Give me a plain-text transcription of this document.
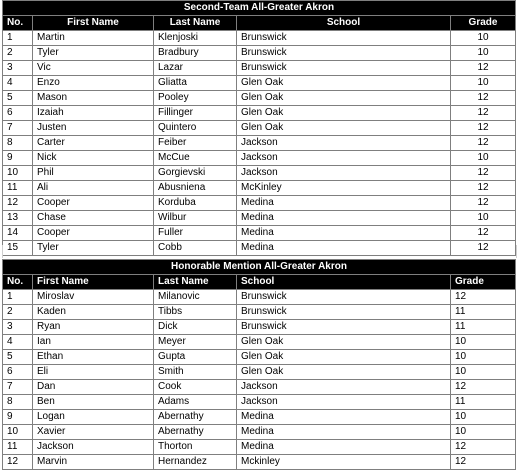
Second-Team All-Greater Akron				
No.	First Name	Last Name	School	Grade
1	Martin	Klenjoski	Brunswick	10
2	Tyler	Bradbury	Brunswick	10
3	Vic	Lazar	Brunswick	12
4	Enzo	Gliatta	Glen Oak	10
5	Mason	Pooley	Glen Oak	12
6	Izaiah	Fillinger	Glen Oak	12
7	Justen	Quintero	Glen Oak	12
8	Carter	Feiber	Jackson	12
9	Nick	McCue	Jackson	10
10	Phil	Gorgievski	Jackson	12
11	Ali	Abusniena	McKinley	12
12	Cooper	Korduba	Medina	12
13	Chase	Wilbur	Medina	10
14	Cooper	Fuller	Medina	12
15	Tyler	Cobb	Medina	12
Honorable Mention All-Greater Akron				
No.	First Name	Last Name	School	Grade
1	Miroslav	Milanovic	Brunswick	12
2	Kaden	Tibbs	Brunswick	11
3	Ryan	Dick	Brunswick	11
4	Ian	Meyer	Glen Oak	10
5	Ethan	Gupta	Glen Oak	10
6	Eli	Smith	Glen Oak	10
7	Dan	Cook	Jackson	12
8	Ben	Adams	Jackson	11
9	Logan	Abernathy	Medina	10
10	Xavier	Abernathy	Medina	10
11	Jackson	Thorton	Medina	12
12	Marvin	Hernandez	Mckinley	12
